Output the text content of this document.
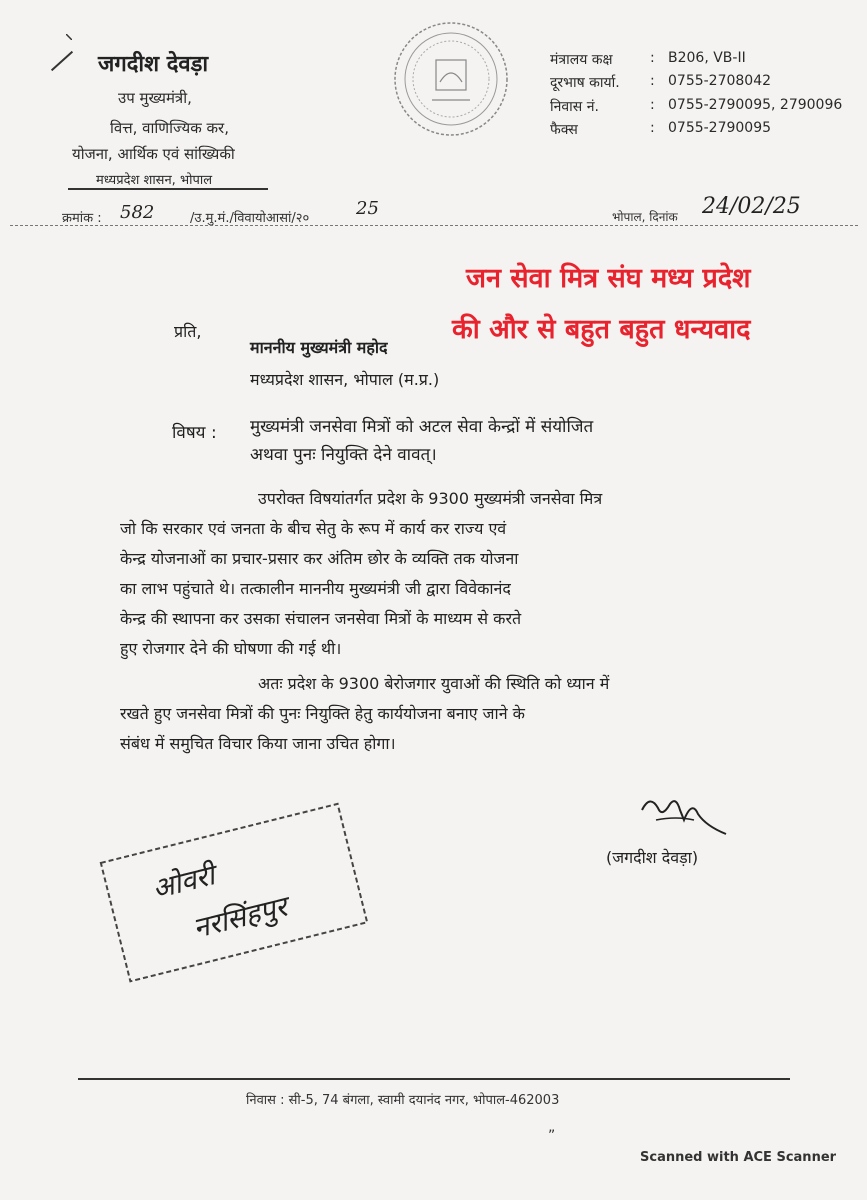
जगदीश देवड़ा
उप मुख्यमंत्री,
वित्त, वाणिज्यिक कर,
योजना, आर्थिक एवं सांख्यिकी
मध्यप्रदेश शासन, भोपाल
मंत्रालय कक्ष	: B206, VB-II
दूरभाष कार्या. : 0755-2708042
निवास नं.	: 0755-2790095, 2790096
फैक्स	: 0755-2790095
क्रमांक : 582	/उ.मु.मं./विवायोआसां/२०	25	भोपाल, दिनांक 24/02/25
जन सेवा मित्र संघ मध्य प्रदेश
की और से बहुत बहुत धन्यवाद
प्रति,
माननीय मुख्यमंत्री महोद
मध्यप्रदेश शासन, भोपाल (म.प्र.)
विषय : मुख्यमंत्री जनसेवा मित्रों को अटल सेवा केन्द्रों में संयोजित
अथवा पुनः नियुक्ति देने वावत्।
उपरोक्त विषयांतर्गत प्रदेश के 9300 मुख्यमंत्री जनसेवा मित्र
जो कि सरकार एवं जनता के बीच सेतु के रूप में कार्य कर राज्य एवं
केन्द्र योजनाओं का प्रचार-प्रसार कर अंतिम छोर के व्यक्ति तक योजना
का लाभ पहुंचाते थे। तत्कालीन माननीय मुख्यमंत्री जी द्वारा विवेकानंद
केन्द्र की स्थापना कर उसका संचालन जनसेवा मित्रों के माध्यम से करते
हुए रोजगार देने की घोषणा की गई थी।
अतः प्रदेश के 9300 बेरोजगार युवाओं की स्थिति को ध्यान में
रखते हुए जनसेवा मित्रों की पुनः नियुक्ति हेतु कार्ययोजना बनाए जाने के
संबंध में समुचित विचार किया जाना उचित होगा।
(जगदीश देवड़ा)
ओवरी
नरसिंहपुर
निवास : सी-5, 74 बंगला, स्वामी दयानंद नगर, भोपाल-462003
”
Scanned with ACE Scanner
